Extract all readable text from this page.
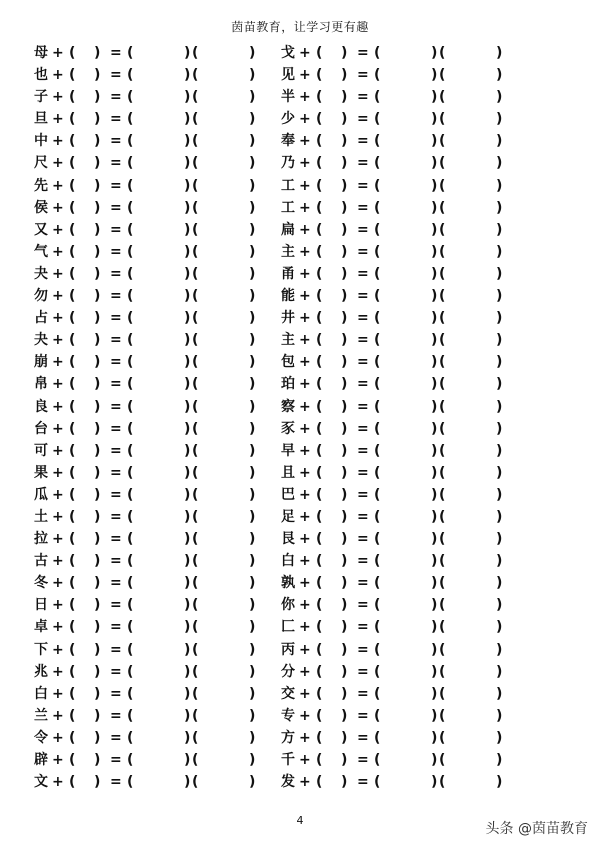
茵苗教育，让学习更有趣
母 + ( ) = (	) (	)
也 + ( ) = (	) (	)
子 + ( ) = (	) (	)
旦 + ( ) = (	) (	)
中 + ( ) = (	) (	)
尺 + ( ) = (	) (	)
先 + ( ) = (	) (	)
侯 + ( ) = (	) (	)
又 + ( ) = (	) (	)
气 + ( ) = (	) (	)
夬 + ( ) = (	) (	)
勿 + ( ) = (	) (	)
占 + ( ) = (	) (	)
夬 + ( ) = (	) (	)
崩 + ( ) = (	) (	)
帛 + ( ) = (	) (	)
良 + ( ) = (	) (	)
台 + ( ) = (	) (	)
可 + ( ) = (	) (	)
果 + ( ) = (	) (	)
瓜 + ( ) = (	) (	)
土 + ( ) = (	) (	)
拉 + ( ) = (	) (	)
古 + ( ) = (	) (	)
冬 + ( ) = (	) (	)
日 + ( ) = (	) (	)
卓 + ( ) = (	) (	)
下 + ( ) = (	) (	)
兆 + ( ) = (	) (	)
白 + ( ) = (	) (	)
兰 + ( ) = (	) (	)
令 + ( ) = (	) (	)
辟 + ( ) = (	) (	)
文 + ( ) = (	) (	)
戈 + ( ) = (	) (	)
见 + ( ) = (	) (	)
半 + ( ) = (	) (	)
少 + ( ) = (	) (	)
奉 + ( ) = (	) (	)
乃 + ( ) = (	) (	)
工 + ( ) = (	) (	)
工 + ( ) = (	) (	)
扁 + ( ) = (	) (	)
主 + ( ) = (	) (	)
甬 + ( ) = (	) (	)
能 + ( ) = (	) (	)
井 + ( ) = (	) (	)
主 + ( ) = (	) (	)
包 + ( ) = (	) (	)
珀 + ( ) = (	) (	)
察 + ( ) = (	) (	)
豕 + ( ) = (	) (	)
早 + ( ) = (	) (	)
且 + ( ) = (	) (	)
巴 + ( ) = (	) (	)
足 + ( ) = (	) (	)
艮 + ( ) = (	) (	)
白 + ( ) = (	) (	)
孰 + ( ) = (	) (	)
你 + ( ) = (	) (	)
匚 + ( ) = (	) (	)
丙 + ( ) = (	) (	)
分 + ( ) = (	) (	)
交 + ( ) = (	) (	)
专 + ( ) = (	) (	)
方 + ( ) = (	) (	)
千 + ( ) = (	) (	)
发 + ( ) = (	) (	)
4
头条 @茵苗教育
